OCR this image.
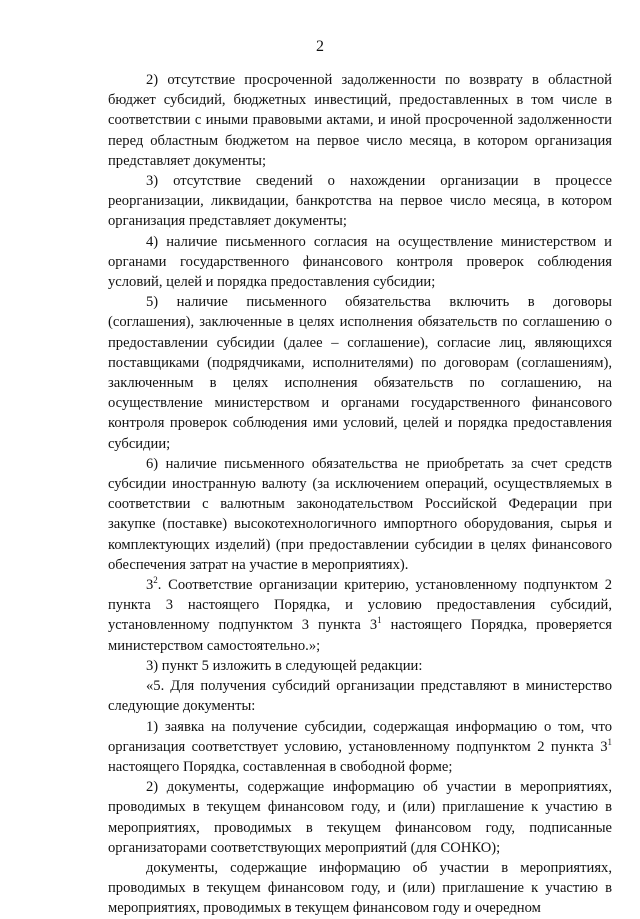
2

2) отсутствие просроченной задолженности по возврату в областной бюджет субсидий, бюджетных инвестиций, предоставленных в том числе в соответствии с иными правовыми актами, и иной просроченной задолженности перед областным бюджетом на первое число месяца, в котором организация представляет документы;

3) отсутствие сведений о нахождении организации в процессе реорганизации, ликвидации, банкротства на первое число месяца, в котором организация представляет документы;

4) наличие письменного согласия на осуществление министерством и органами государственного финансового контроля проверок соблюдения условий, целей и порядка предоставления субсидии;

5) наличие письменного обязательства включить в договоры (соглашения), заключенные в целях исполнения обязательств по соглашению о предоставлении субсидии (далее – соглашение), согласие лиц, являющихся поставщиками (подрядчиками, исполнителями) по договорам (соглашениям), заключенным в целях исполнения обязательств по соглашению, на осуществление министерством и органами государственного финансового контроля проверок соблюдения ими условий, целей и порядка предоставления субсидии;

6) наличие письменного обязательства не приобретать за счет средств субсидии иностранную валюту (за исключением операций, осуществляемых в соответствии с валютным законодательством Российской Федерации при закупке (поставке) высокотехнологичного импортного оборудования, сырья и комплектующих изделий) (при предоставлении субсидии в целях финансового обеспечения затрат на участие в мероприятиях).

$3^2$. Соответствие организации критерию, установленному подпунктом 2 пункта 3 настоящего Порядка, и условию предоставления субсидий, установленному подпунктом 3 пункта $3^1$ настоящего Порядка, проверяется министерством самостоятельно.»;

3) пункт 5 изложить в следующей редакции:

«5. Для получения субсидий организации представляют в министерство следующие документы:

1) заявка на получение субсидии, содержащая информацию о том, что организация соответствует условию, установленному подпунктом 2 пункта $3^1$ настоящего Порядка, составленная в свободной форме;

2) документы, содержащие информацию об участии в мероприятиях, проводимых в текущем финансовом году, и (или) приглашение к участию в мероприятиях, проводимых в текущем финансовом году, подписанные организаторами соответствующих мероприятий (для СОНКО);

документы, содержащие информацию об участии в мероприятиях, проводимых в текущем финансовом году, и (или) приглашение к участию в мероприятиях, проводимых в текущем финансовом году и очередном
